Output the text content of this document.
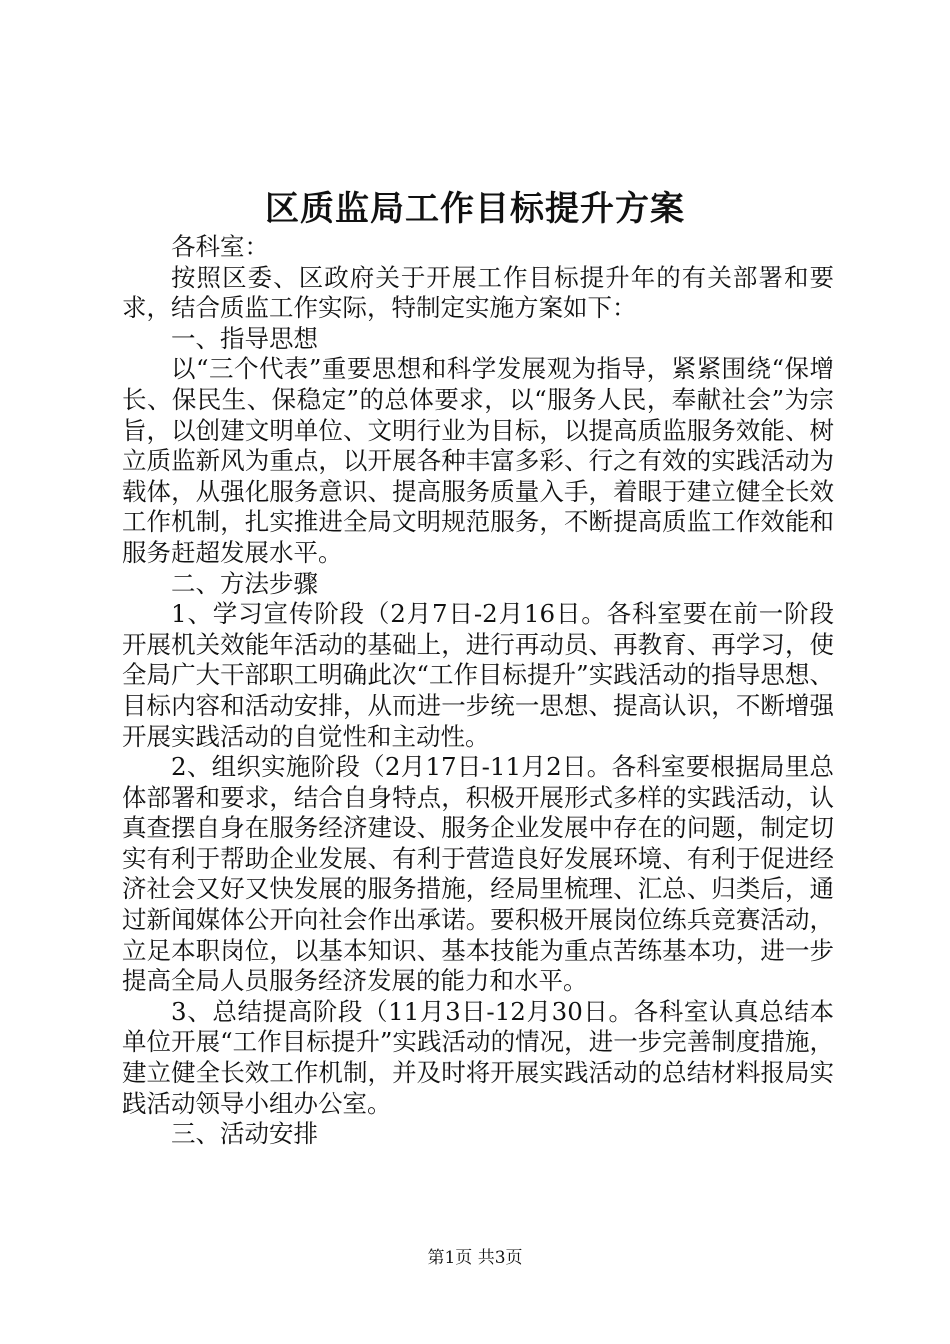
区质监局工作目标提升方案

各科室：

按照区委、区政府关于开展工作目标提升年的有关部署和要求，结合质监工作实际，特制定实施方案如下：

一、指导思想

以“三个代表”重要思想和科学发展观为指导，紧紧围绕“保增长、保民生、保稳定”的总体要求，以“服务人民，奉献社会”为宗旨，以创建文明单位、文明行业为目标，以提高质监服务效能、树立质监新风为重点，以开展各种丰富多彩、行之有效的实践活动为载体，从强化服务意识、提高服务质量入手，着眼于建立健全长效工作机制，扎实推进全局文明规范服务，不断提高质监工作效能和服务赶超发展水平。

二、方法步骤

1、学习宣传阶段（2月7日-2月16日。各科室要在前一阶段开展机关效能年活动的基础上，进行再动员、再教育、再学习，使全局广大干部职工明确此次“工作目标提升”实践活动的指导思想、目标内容和活动安排，从而进一步统一思想、提高认识，不断增强开展实践活动的自觉性和主动性。

2、组织实施阶段（2月17日-11月2日。各科室要根据局里总体部署和要求，结合自身特点，积极开展形式多样的实践活动，认真查摆自身在服务经济建设、服务企业发展中存在的问题，制定切实有利于帮助企业发展、有利于营造良好发展环境、有利于促进经济社会又好又快发展的服务措施，经局里梳理、汇总、归类后，通过新闻媒体公开向社会作出承诺。要积极开展岗位练兵竞赛活动，立足本职岗位，以基本知识、基本技能为重点苦练基本功，进一步提高全局人员服务经济发展的能力和水平。

3、总结提高阶段（11月3日-12月30日。各科室认真总结本单位开展“工作目标提升”实践活动的情况，进一步完善制度措施，建立健全长效工作机制，并及时将开展实践活动的总结材料报局实践活动领导小组办公室。

三、活动安排

第1页 共3页
